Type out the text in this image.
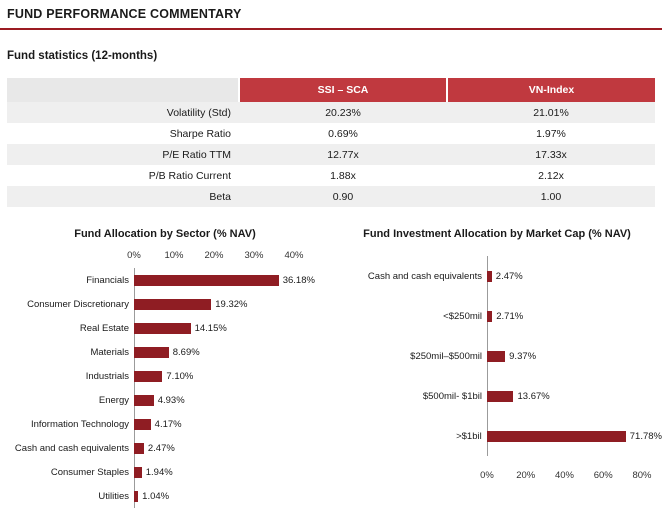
FUND PERFORMANCE COMMENTARY
Fund statistics (12-months)
	SSI – SCA	VN-Index
Volatility (Std)	20.23%	21.01%
Sharpe Ratio	0.69%	1.97%
P/E Ratio TTM	12.77x	17.33x
P/B Ratio Current	1.88x	2.12x
Beta	0.90	1.00
Fund Allocation by Sector (% NAV)
0% 10% 20% 30% 40%
Financials	36.18%
Consumer Discretionary	19.32%
Real Estate	14.15%
Materials	8.69%
Industrials	7.10%
Energy	4.93%
Information Technology	4.17%
Cash and cash equivalents	2.47%
Consumer Staples	1.94%
Utilities	1.04%
Fund Investment Allocation by Market Cap (% NAV)
Cash and cash equivalents	2.47%
<$250mil	2.71%
$250mil–$500mil	9.37%
$500mil- $1bil	13.67%
>$1bil	71.78%
0% 20% 40% 60% 80%
